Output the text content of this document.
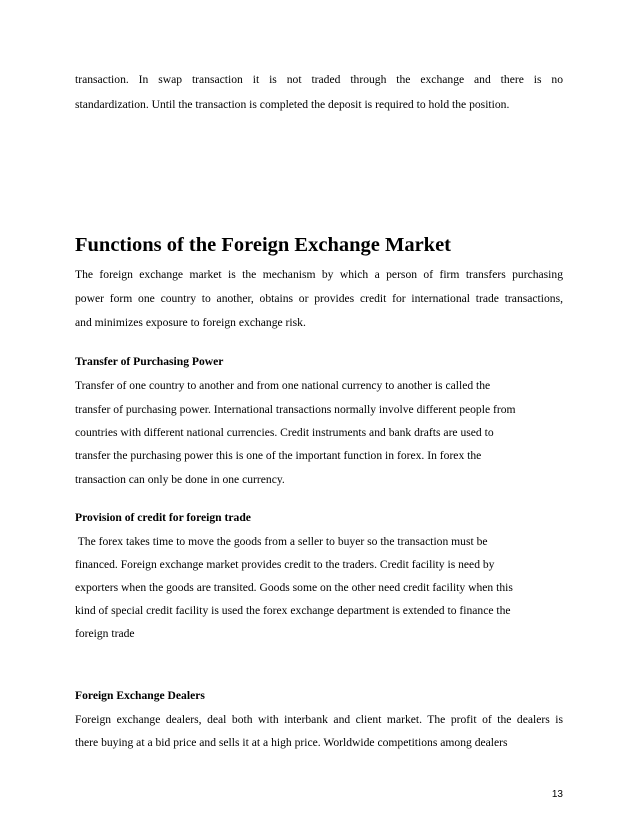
transaction. In swap transaction it is not traded through the exchange and there is no
standardization. Until the transaction is completed the deposit is required to hold the position.
Functions of the Foreign Exchange Market
The foreign exchange market is the mechanism by which a person of firm transfers purchasing
power form one country to another, obtains or provides credit for international trade transactions,
and minimizes exposure to foreign exchange risk.
Transfer of Purchasing Power
Transfer of one country to another and from one national currency to another is called the
transfer of purchasing power. International transactions normally involve different people from
countries with different national currencies. Credit instruments and bank drafts are used to
transfer the purchasing power this is one of the important function in forex. In forex the
transaction can only be done in one currency.
Provision of credit for foreign trade
The forex takes time to move the goods from a seller to buyer so the transaction must be
financed. Foreign exchange market provides credit to the traders. Credit facility is need by
exporters when the goods are transited. Goods some on the other need credit facility when this
kind of special credit facility is used the forex exchange department is extended to finance the
foreign trade
Foreign Exchange Dealers
Foreign exchange dealers, deal both with interbank and client market. The profit of the dealers is
there buying at a bid price and sells it at a high price. Worldwide competitions among dealers
13
